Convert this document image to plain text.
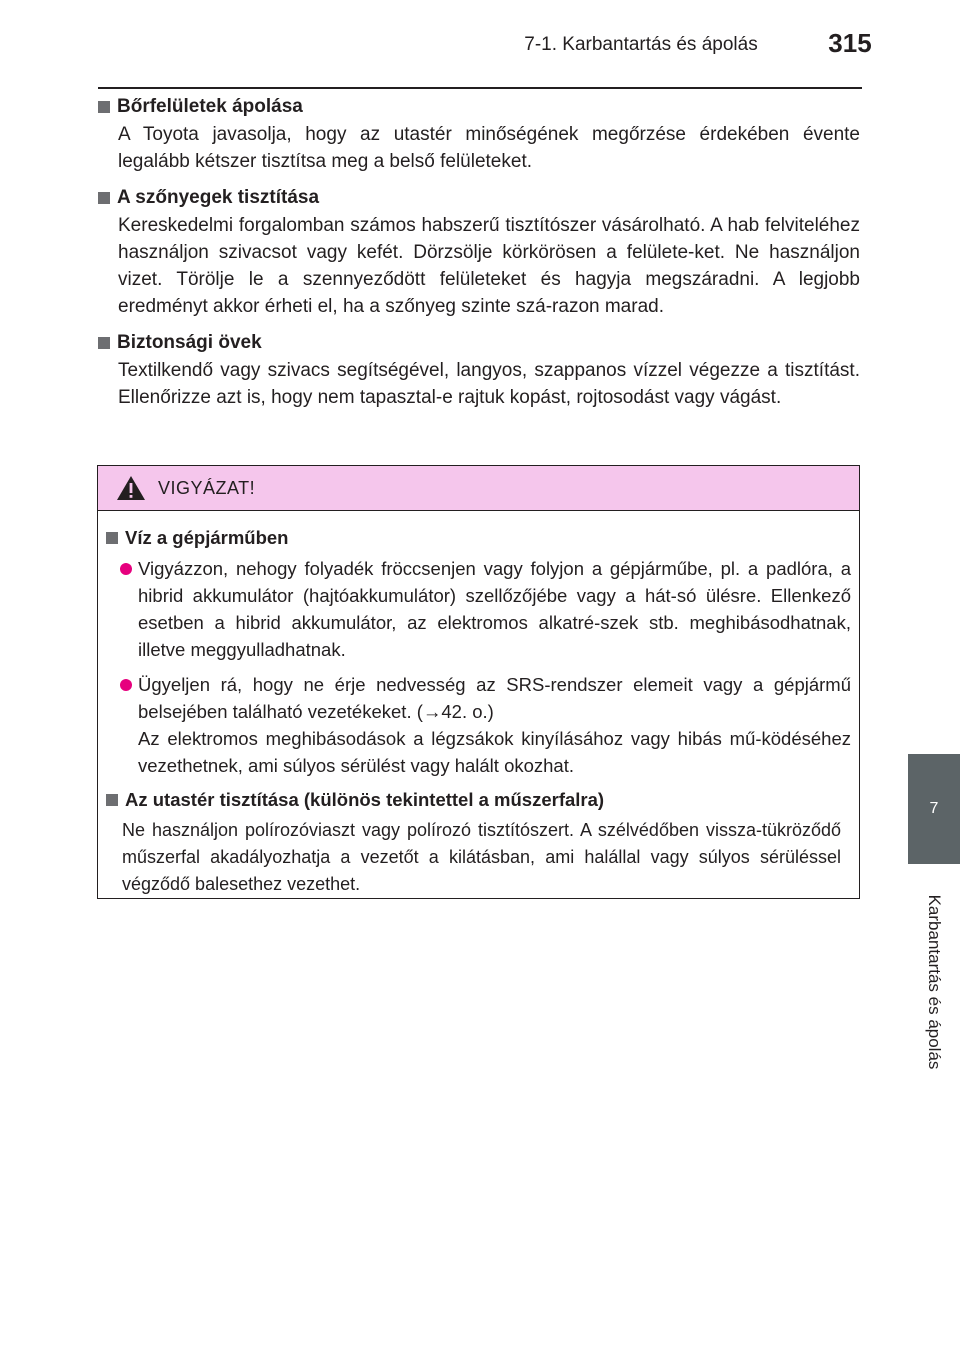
7-1. Karbantartás és ápolás	315
7
Karbantartás és ápolás
Bőrfelületek ápolása
A Toyota javasolja, hogy az utastér minőségének megőrzése érdekében évente legalább kétszer tisztítsa meg a belső felületeket.
A szőnyegek tisztítása
Kereskedelmi forgalomban számos habszerű tisztítószer vásárolható. A hab felviteléhez használjon szivacsot vagy kefét. Dörzsölje körkörösen a felülete-ket. Ne használjon vizet. Törölje le a szennyeződött felületeket és hagyja megszáradni. A legjobb eredményt akkor érheti el, ha a szőnyeg szinte szá-razon marad.
Biztonsági övek
Textilkendő vagy szivacs segítségével, langyos, szappanos vízzel végezze a tisztítást. Ellenőrizze azt is, hogy nem tapasztal-e rajtuk kopást, rojtosodást vagy vágást.
VIGYÁZAT!
Víz a gépjárműben
Vigyázzon, nehogy folyadék fröccsenjen vagy folyjon a gépjárműbe, pl. a padlóra, a hibrid akkumulátor (hajtóakkumulátor) szellőzőjébe vagy a hát-só ülésre. Ellenkező esetben a hibrid akkumulátor, az elektromos alkatré-szek stb. meghibásodhatnak, illetve meggyulladhatnak.
Ügyeljen rá, hogy ne érje nedvesség az SRS-rendszer elemeit vagy a gépjármű belsejében található vezetékeket. (→42. o.)
Az elektromos meghibásodások a légzsákok kinyílásához vagy hibás mű-ködéséhez vezethetnek, ami súlyos sérülést vagy halált okozhat.
Az utastér tisztítása (különös tekintettel a műszerfalra)
Ne használjon polírozóviaszt vagy polírozó tisztítószert. A szélvédőben vissza-tükröződő műszerfal akadályozhatja a vezetőt a kilátásban, ami halállal vagy súlyos sérüléssel végződő balesethez vezethet.
